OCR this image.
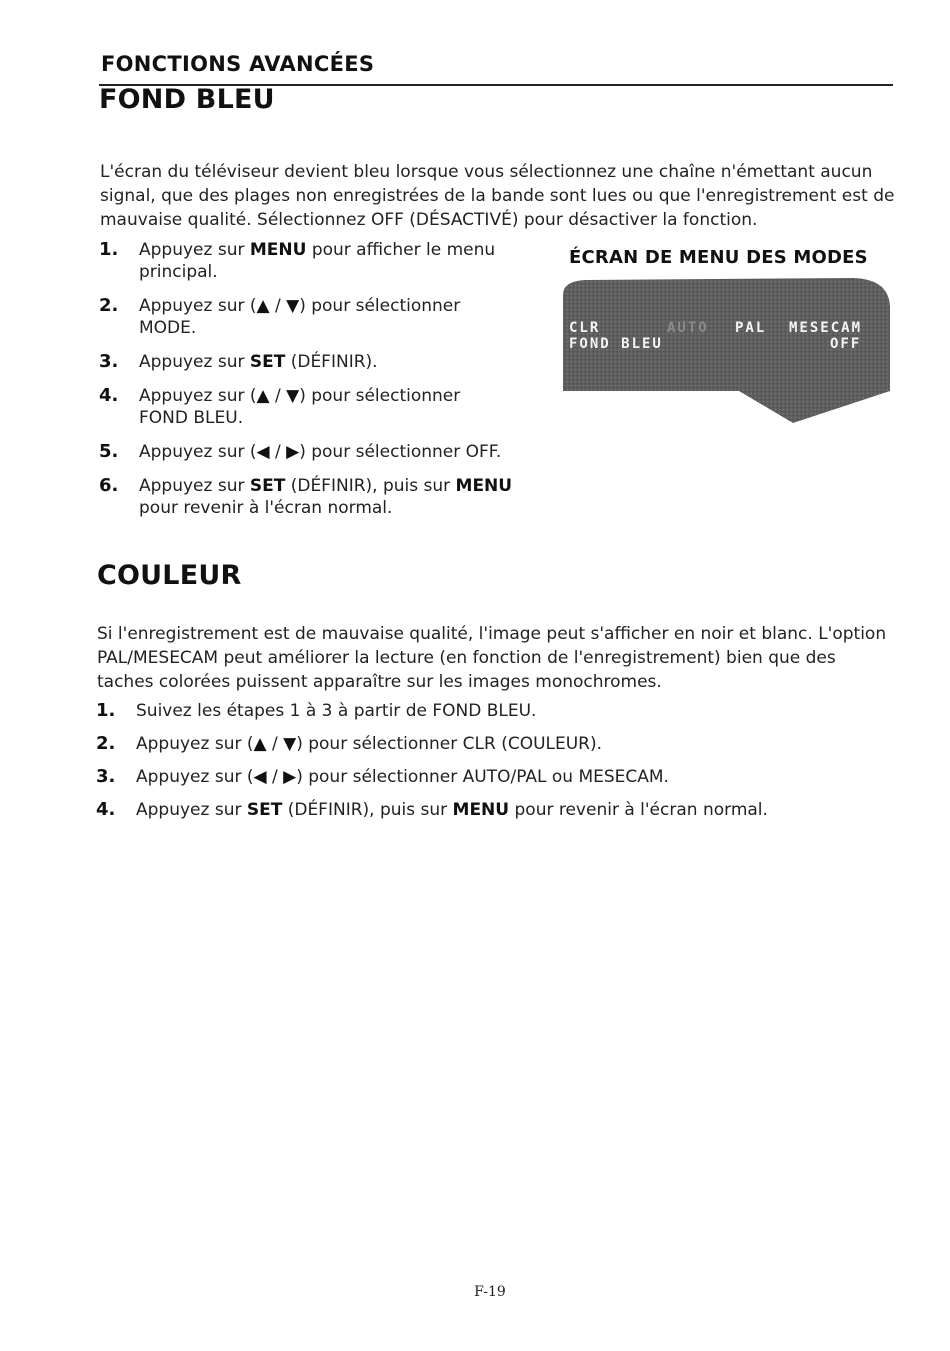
FONCTIONS AVANCÉES
FOND BLEU
L'écran du téléviseur devient bleu lorsque vous sélectionnez une chaîne n'émettant aucun
signal, que des plages non enregistrées de la bande sont lues ou que l'enregistrement est de
mauvaise qualité. Sélectionnez OFF (DÉSACTIVÉ) pour désactiver la fonction.
1. Appuyez sur MENU pour afficher le menu
principal.
2. Appuyez sur (▲ / ▼) pour sélectionner
MODE.
3. Appuyez sur SET (DÉFINIR).
4. Appuyez sur (▲ / ▼) pour sélectionner
FOND BLEU.
5. Appuyez sur (◀ / ▶) pour sélectionner OFF.
6. Appuyez sur SET (DÉFINIR), puis sur MENU
pour revenir à l'écran normal.
ÉCRAN DE MENU DES MODES
CLR	AUTO PAL MESECAM
FOND BLEU	OFF
COULEUR
Si l'enregistrement est de mauvaise qualité, l'image peut s'afficher en noir et blanc. L'option
PAL/MESECAM peut améliorer la lecture (en fonction de l'enregistrement) bien que des
taches colorées puissent apparaître sur les images monochromes.
1. Suivez les étapes 1 à 3 à partir de FOND BLEU.
2. Appuyez sur (▲ / ▼) pour sélectionner CLR (COULEUR).
3. Appuyez sur (◀ / ▶) pour sélectionner AUTO/PAL ou MESECAM.
4. Appuyez sur SET (DÉFINIR), puis sur MENU pour revenir à l'écran normal.
F-19
